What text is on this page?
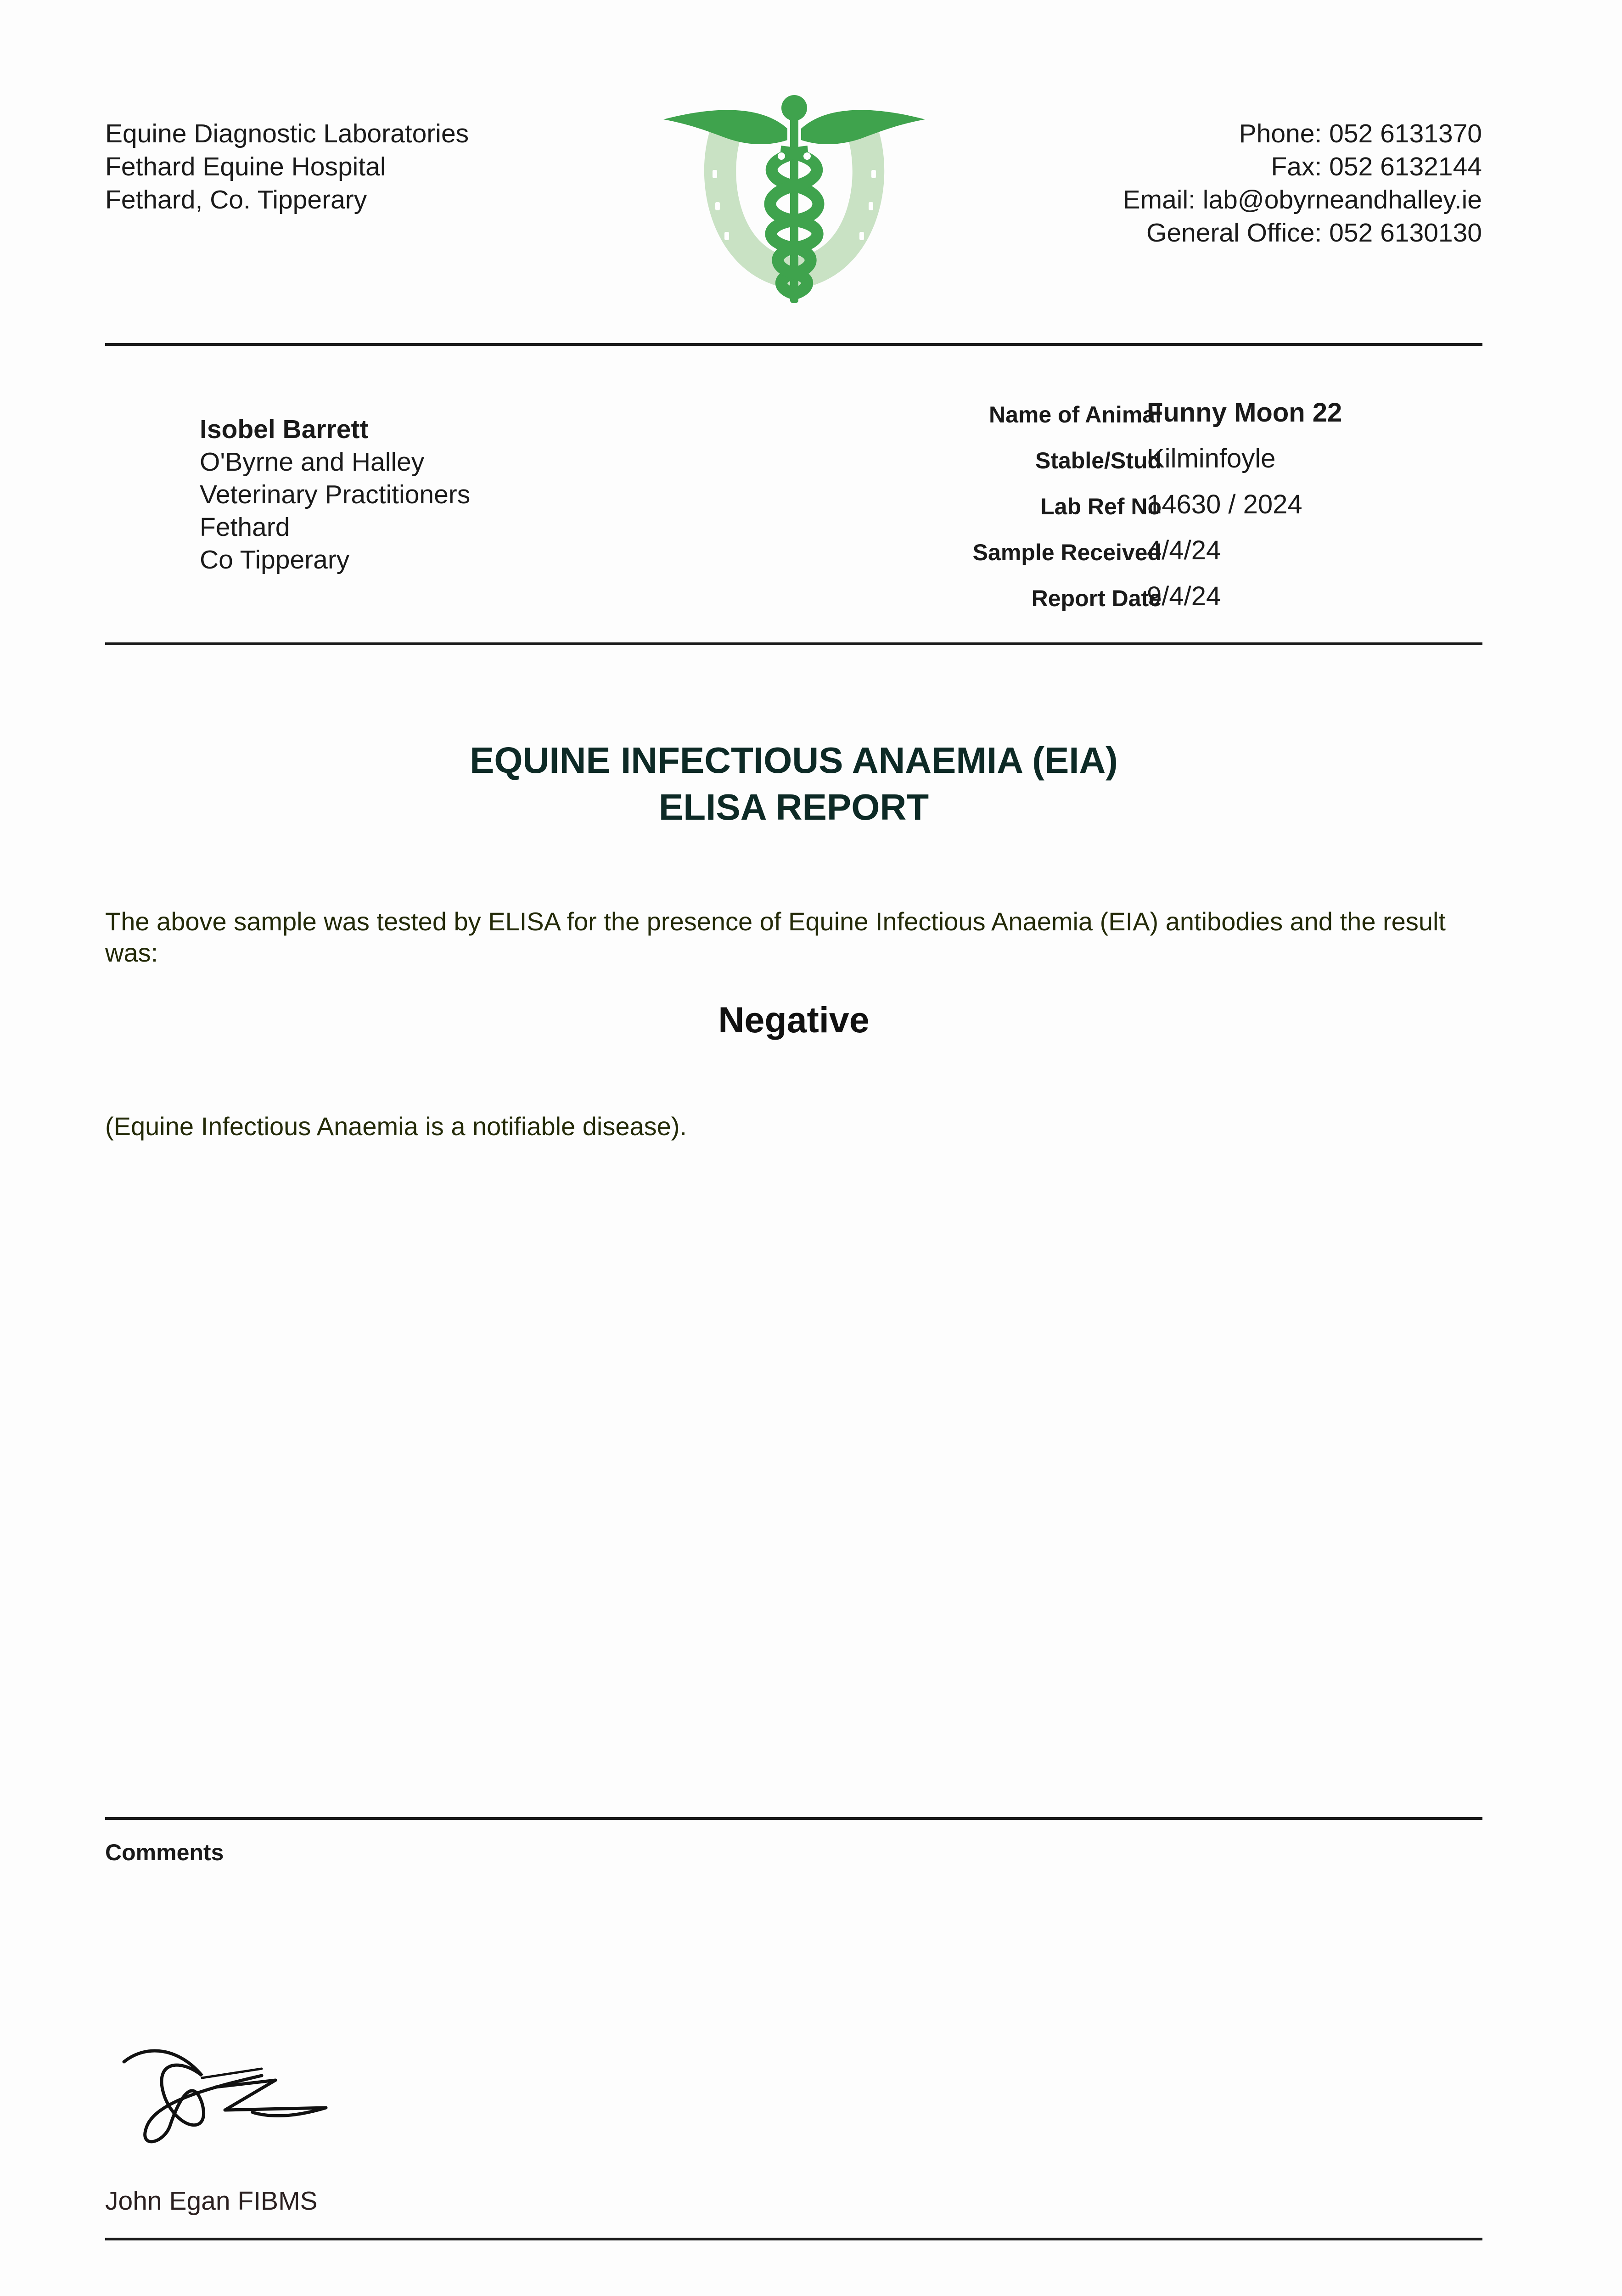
Equine Diagnostic Laboratories
Fethard Equine Hospital
Fethard, Co. Tipperary
Phone: 052 6131370
Fax: 052 6132144
Email: lab@obyrneandhalley.ie
General Office: 052 6130130
Isobel Barrett
O'Byrne and Halley
Veterinary Practitioners
Fethard
Co Tipperary
Name of Animal
Funny Moon 22
Stable/Stud
Kilminfoyle
Lab Ref No
14630 / 2024
Sample Received
4/4/24
Report Date
9/4/24
EQUINE INFECTIOUS ANAEMIA (EIA)
ELISA REPORT
The above sample was tested by ELISA for the presence of Equine Infectious Anaemia (EIA) antibodies and the result was:
Negative
(Equine Infectious Anaemia is a notifiable disease).
Comments
John Egan FIBMS
